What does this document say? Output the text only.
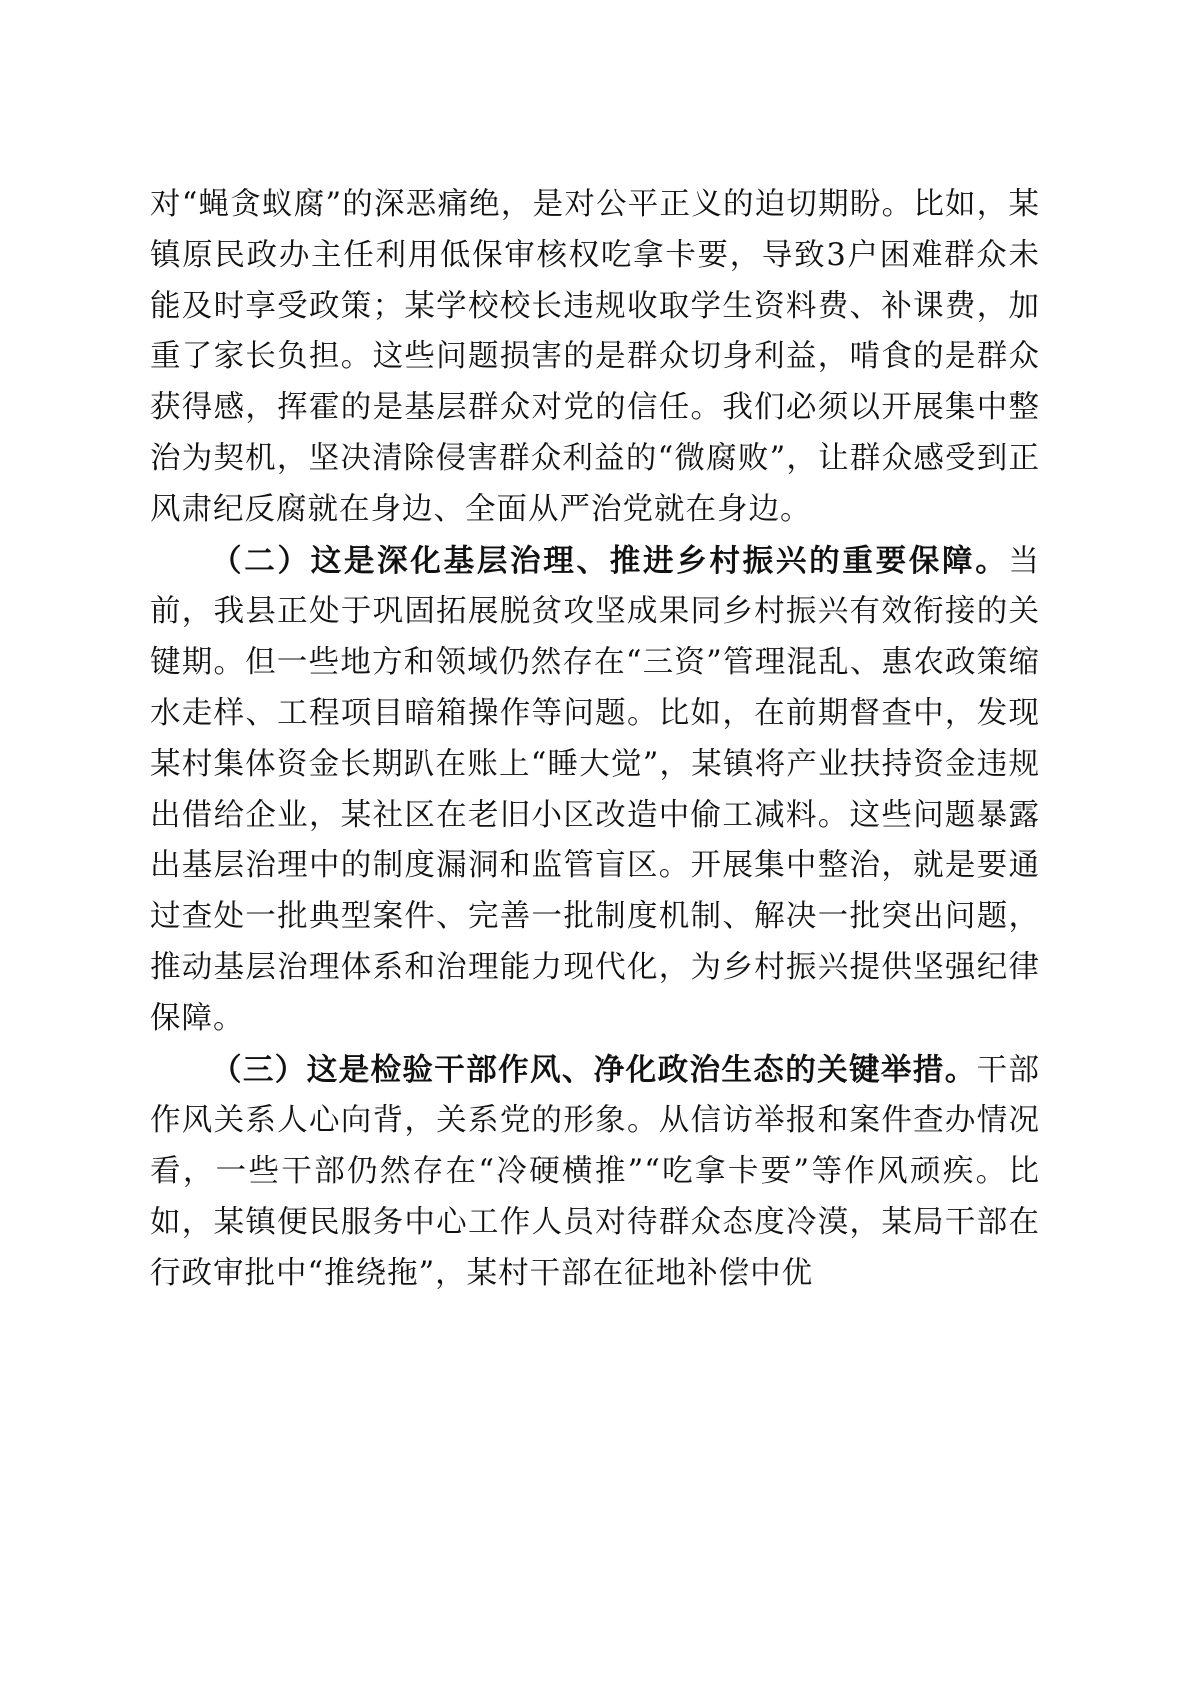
对“蝇贪蚁腐”的深恶痛绝，是对公平正义的迫切期盼。比如，某镇原民政办主任利用低保审核权吃拿卡要，导致3户困难群众未能及时享受政策；某学校校长违规收取学生资料费、补课费，加重了家长负担。这些问题损害的是群众切身利益，啃食的是群众获得感，挥霍的是基层群众对党的信任。我们必须以开展集中整治为契机，坚决清除侵害群众利益的“微腐败”，让群众感受到正风肃纪反腐就在身边、全面从严治党就在身边。

（二）这是深化基层治理、推进乡村振兴的重要保障。当前，我县正处于巩固拓展脱贫攻坚成果同乡村振兴有效衔接的关键期。但一些地方和领域仍然存在“三资”管理混乱、惠农政策缩水走样、工程项目暗箱操作等问题。比如，在前期督查中，发现某村集体资金长期趴在账上“睡大觉”，某镇将产业扶持资金违规出借给企业，某社区在老旧小区改造中偷工减料。这些问题暴露出基层治理中的制度漏洞和监管盲区。开展集中整治，就是要通过查处一批典型案件、完善一批制度机制、解决一批突出问题，推动基层治理体系和治理能力现代化，为乡村振兴提供坚强纪律保障。

（三）这是检验干部作风、净化政治生态的关键举措。干部作风关系人心向背，关系党的形象。从信访举报和案件查办情况看，一些干部仍然存在“冷硬横推”“吃拿卡要”等作风顽疾。比如，某镇便民服务中心工作人员对待群众态度冷漠，某局干部在行政审批中“推绕拖”，某村干部在征地补偿中优
